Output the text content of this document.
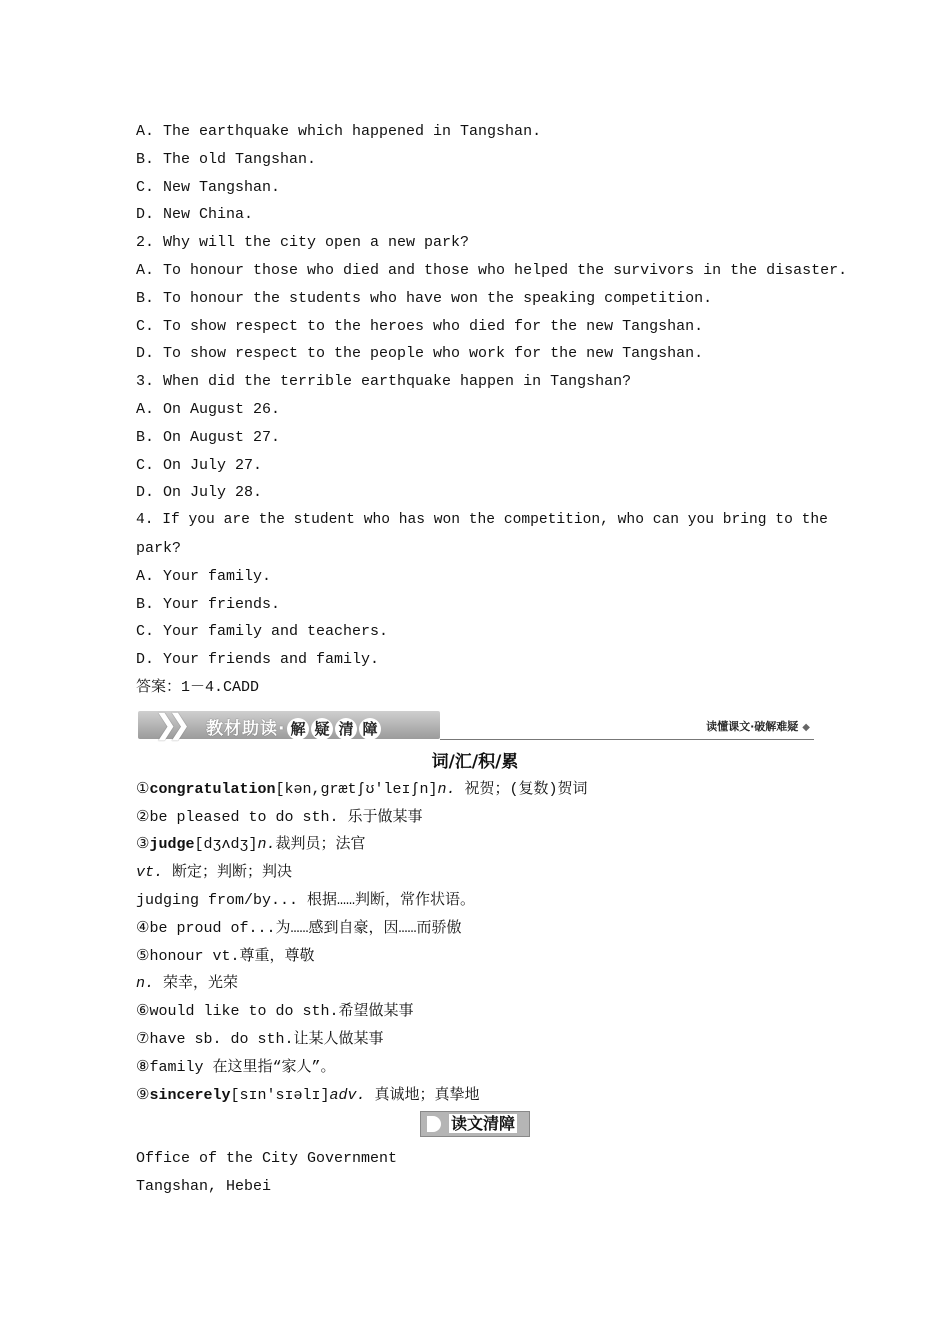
A. The earthquake which happened in Tangshan.
B. The old Tangshan.
C. New Tangshan.
D. New China.
2. Why will the city open a new park?
A. To honour those who died and those who helped the survivors in the disaster.
B. To honour the students who have won the speaking competition.
C. To show respect to the heroes who died for the new Tangshan.
D. To show respect to the people who work for the new Tangshan.
3. When did the terrible earthquake happen in Tangshan?
A. On August 26.
B. On August 27.
C. On July 27.
D. On July 28.
4. If you are the student who has won the competition, who can you bring to the
park?
A. Your family.
B. Your friends.
C. Your family and teachers.
D. Your friends and family.
答案：1－4.CADD
❯❯ 教材助读· 解 疑 清 障	读懂课文·破解难疑 ◆
词/汇/积/累
①congratulation[kən,ɡrætʃʊ'leɪʃn]n. 祝贺；(复数)贺词
②be pleased to do sth. 乐于做某事
③judge[dʒʌdʒ]n.裁判员；法官
vt. 断定；判断；判决
judging from/by... 根据……判断，常作状语。
④be proud of...为……感到自豪，因……而骄傲
⑤honour vt.尊重，尊敬
n. 荣幸，光荣
⑥would like to do sth.希望做某事
⑦have sb. do sth.让某人做某事
⑧family 在这里指“家人”。
⑨sincerely[sɪn'sɪəlɪ]adv. 真诚地；真挚地
读文清障
Office of the City Government
Tangshan, Hebei
